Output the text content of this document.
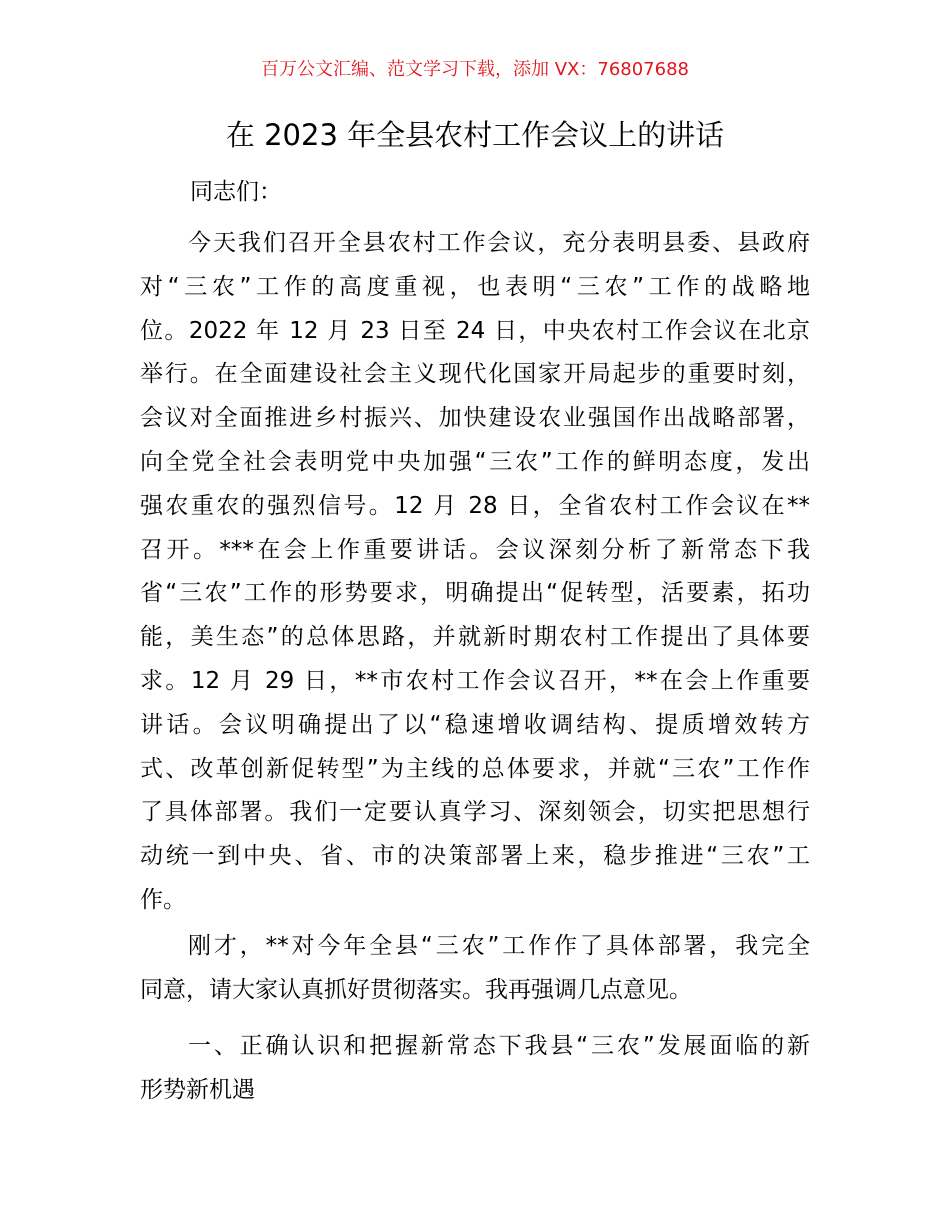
百万公文汇编、范文学习下载，添加 VX：76807688
在 2023 年全县农村工作会议上的讲话
同志们：
今天我们召开全县农村工作会议，充分表明县委、县政府
对“三农”工作的高度重视，也表明“三农”工作的战略地
位。2022 年 12 月 23 日至 24 日，中央农村工作会议在北京
举行。在全面建设社会主义现代化国家开局起步的重要时刻，
会议对全面推进乡村振兴、加快建设农业强国作出战略部署，
向全党全社会表明党中央加强“三农”工作的鲜明态度，发出
强农重农的强烈信号。12 月 28 日，全省农村工作会议在**
召开。***在会上作重要讲话。会议深刻分析了新常态下我
省“三农”工作的形势要求，明确提出“促转型，活要素，拓功
能，美生态”的总体思路，并就新时期农村工作提出了具体要
求。12 月 29 日，**市农村工作会议召开，**在会上作重要
讲话。会议明确提出了以“稳速增收调结构、提质增效转方
式、改革创新促转型”为主线的总体要求，并就“三农”工作作
了具体部署。我们一定要认真学习、深刻领会，切实把思想行
动统一到中央、省、市的决策部署上来，稳步推进“三农”工
作。
刚才，**对今年全县“三农”工作作了具体部署，我完全
同意，请大家认真抓好贯彻落实。我再强调几点意见。
一、正确认识和把握新常态下我县“三农”发展面临的新
形势新机遇
